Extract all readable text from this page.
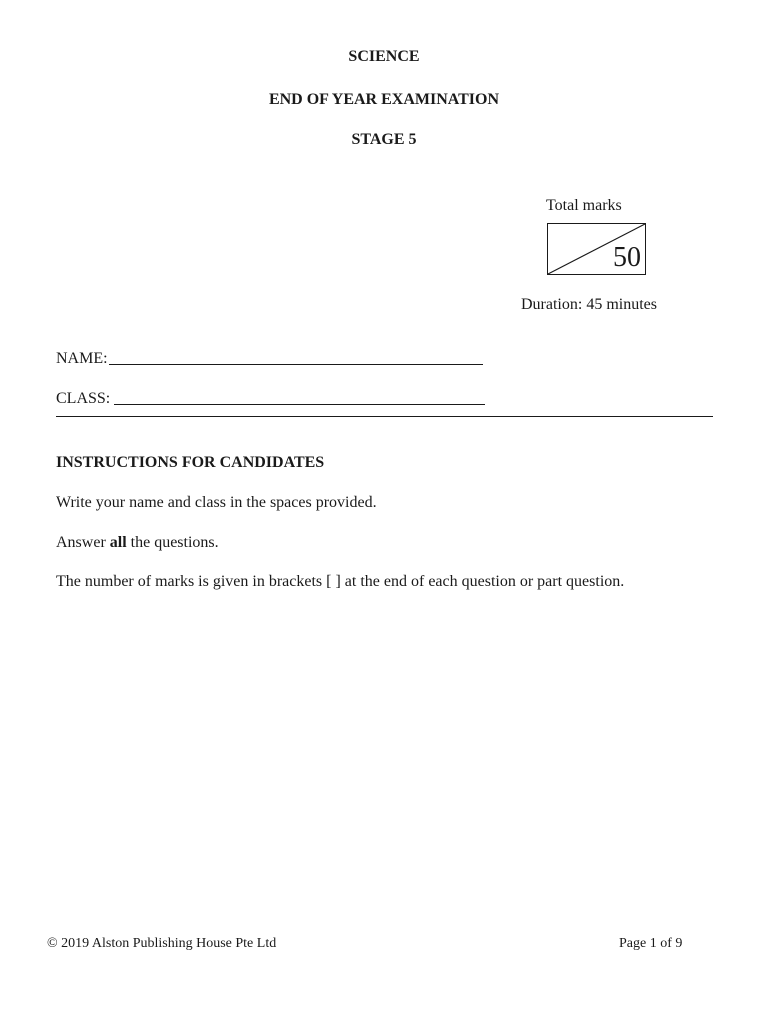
SCIENCE
END OF YEAR EXAMINATION
STAGE 5
Total marks
50
Duration: 45 minutes
NAME:
CLASS:
INSTRUCTIONS FOR CANDIDATES
Write your name and class in the spaces provided.
Answer all the questions.
The number of marks is given in brackets [ ] at the end of each question or part question.
© 2019 Alston Publishing House Pte Ltd	Page 1 of 9
